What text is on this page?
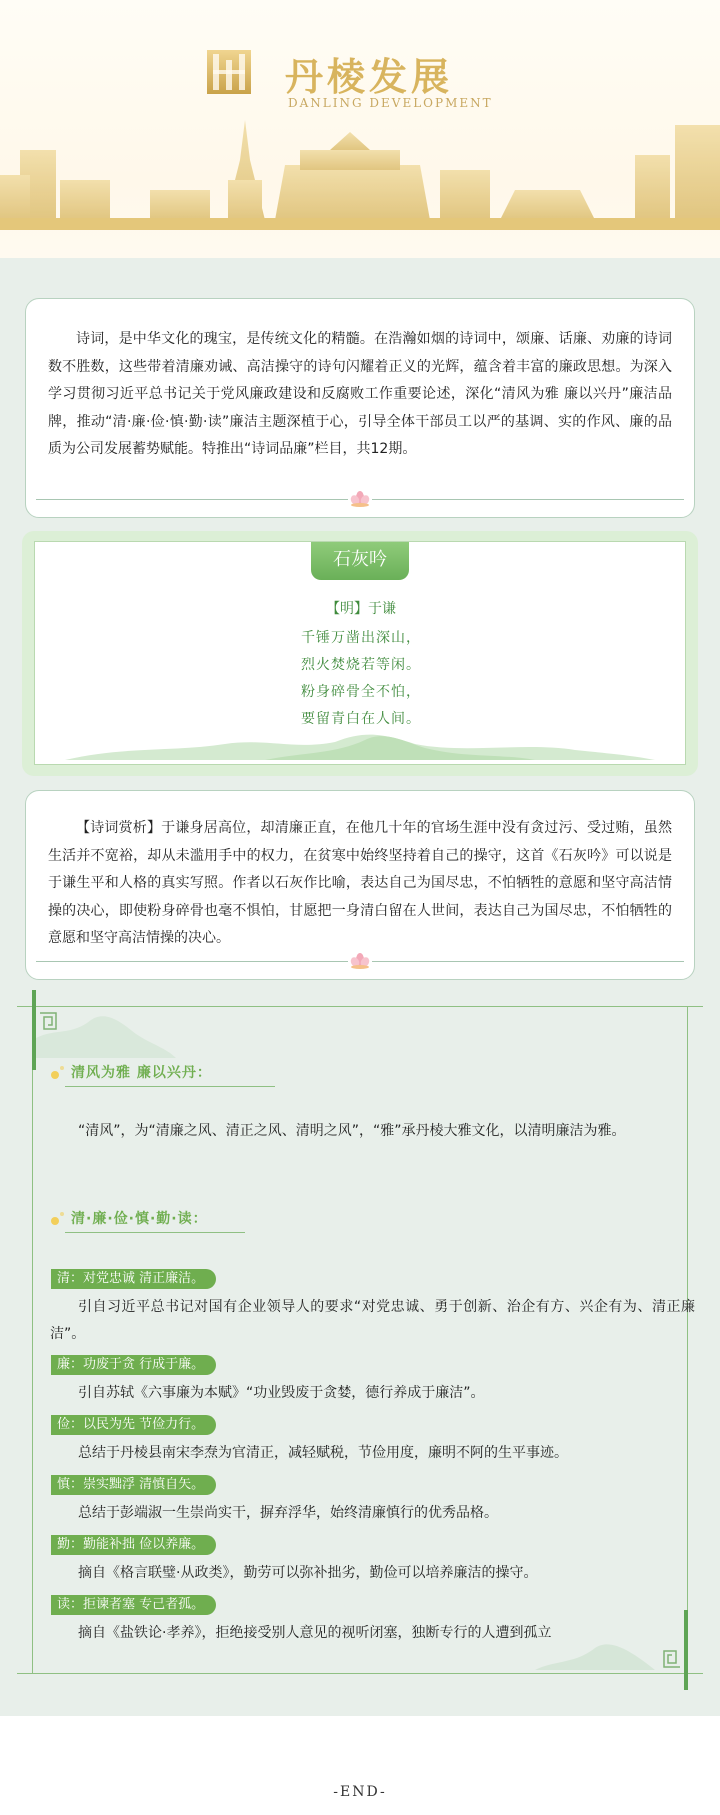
丹棱发展
DANLING DEVELOPMENT

诗词，是中华文化的瑰宝，是传统文化的精髓。在浩瀚如烟的诗词中，颂廉、话廉、劝廉的诗词数不胜数，这些带着清廉劝诫、高洁操守的诗句闪耀着正义的光辉，蕴含着丰富的廉政思想。为深入学习贯彻习近平总书记关于党风廉政建设和反腐败工作重要论述，深化“清风为雅 廉以兴丹”廉洁品牌，推动“清·廉·俭·慎·勤·读”廉洁主题深植于心，引导全体干部员工以严的基调、实的作风、廉的品质为公司发展蓄势赋能。特推出“诗词品廉”栏目，共12期。

石灰吟
【明】于谦
千锤万凿出深山，
烈火焚烧若等闲。
粉身碎骨全不怕，
要留青白在人间。

【诗词赏析】于谦身居高位，却清廉正直，在他几十年的官场生涯中没有贪过污、受过贿，虽然生活并不宽裕，却从未滥用手中的权力，在贫寒中始终坚持着自己的操守，这首《石灰吟》可以说是于谦生平和人格的真实写照。作者以石灰作比喻，表达自己为国尽忠，不怕牺牲的意愿和坚守高洁情操的决心，即使粉身碎骨也毫不惧怕，甘愿把一身清白留在人世间，表达自己为国尽忠，不怕牺牲的意愿和坚守高洁情操的决心。

清风为雅 廉以兴丹：
“清风”，为“清廉之风、清正之风、清明之风”，“雅”承丹棱大雅文化，以清明廉洁为雅。
清·廉·俭·慎·勤·读：
清：对党忠诚 清正廉洁。
引自习近平总书记对国有企业领导人的要求“对党忠诚、勇于创新、治企有方、兴企有为、清正廉洁”。
廉：功废于贪 行成于廉。
引自苏轼《六事廉为本赋》“功业毁废于贪婪，德行养成于廉洁”。
俭：以民为先 节俭力行。
总结于丹棱县南宋李焘为官清正，减轻赋税，节俭用度，廉明不阿的生平事迹。
慎：崇实黜浮 清慎自矢。
总结于彭端淑一生崇尚实干，摒弃浮华，始终清廉慎行的优秀品格。
勤：勤能补拙 俭以养廉。
摘自《格言联璧·从政类》，勤劳可以弥补拙劣，勤俭可以培养廉洁的操守。
读：拒谏者塞 专己者孤。
摘自《盐铁论·孝养》，拒绝接受别人意见的视听闭塞，独断专行的人遭到孤立
-END-
